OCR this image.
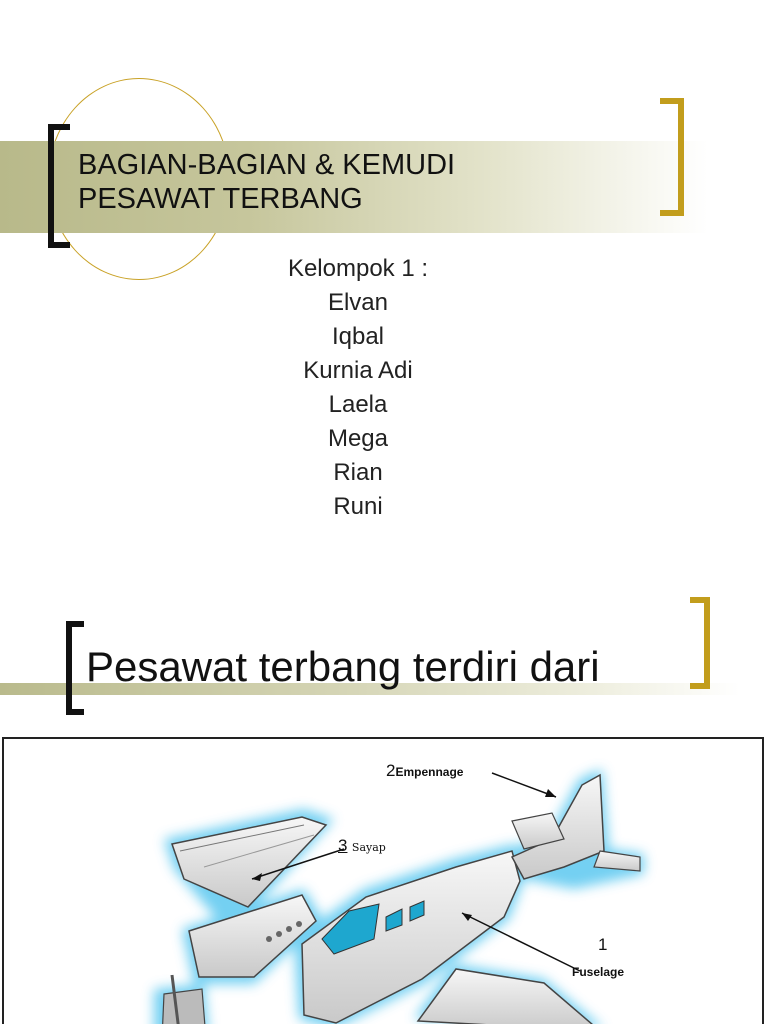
BAGIAN-BAGIAN & KEMUDI
PESAWAT TERBANG
Kelompok 1 :
Elvan
Iqbal
Kurnia Adi
Laela
Mega
Rian
Runi
Pesawat terbang terdiri dari
2Empennage
3 Sayap
1
Fuselage
